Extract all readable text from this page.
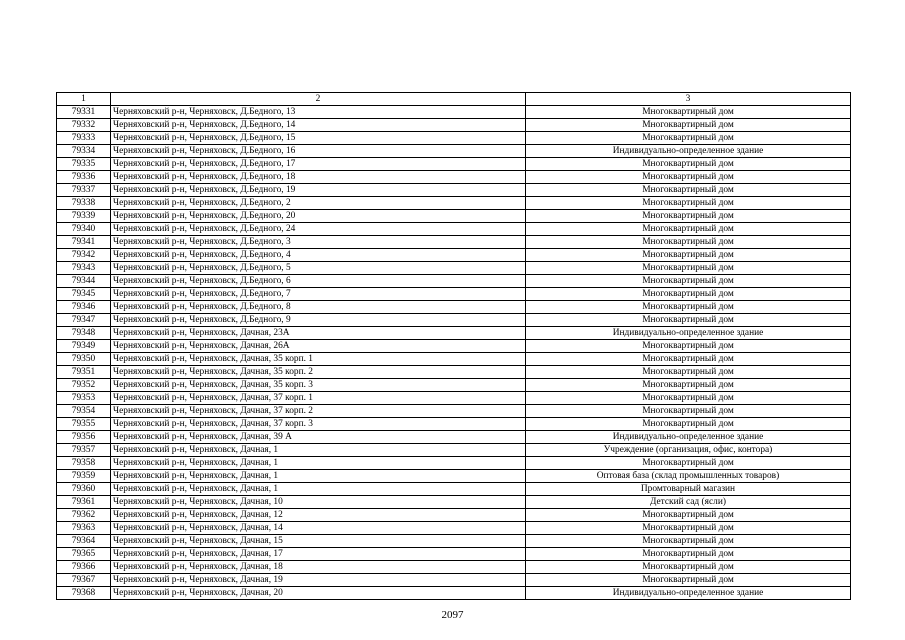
1	2	3
79331	Черняховский р-н, Черняховск, Д.Бедного, 13	Многоквартирный дом
79332	Черняховский р-н, Черняховск, Д.Бедного, 14	Многоквартирный дом
79333	Черняховский р-н, Черняховск, Д.Бедного, 15	Многоквартирный дом
79334	Черняховский р-н, Черняховск, Д.Бедного, 16	Индивидуально-определенное здание
79335	Черняховский р-н, Черняховск, Д.Бедного, 17	Многоквартирный дом
79336	Черняховский р-н, Черняховск, Д.Бедного, 18	Многоквартирный дом
79337	Черняховский р-н, Черняховск, Д.Бедного, 19	Многоквартирный дом
79338	Черняховский р-н, Черняховск, Д.Бедного, 2	Многоквартирный дом
79339	Черняховский р-н, Черняховск, Д.Бедного, 20	Многоквартирный дом
79340	Черняховский р-н, Черняховск, Д.Бедного, 24	Многоквартирный дом
79341	Черняховский р-н, Черняховск, Д.Бедного, 3	Многоквартирный дом
79342	Черняховский р-н, Черняховск, Д.Бедного, 4	Многоквартирный дом
79343	Черняховский р-н, Черняховск, Д.Бедного, 5	Многоквартирный дом
79344	Черняховский р-н, Черняховск, Д.Бедного, 6	Многоквартирный дом
79345	Черняховский р-н, Черняховск, Д.Бедного, 7	Многоквартирный дом
79346	Черняховский р-н, Черняховск, Д.Бедного, 8	Многоквартирный дом
79347	Черняховский р-н, Черняховск, Д.Бедного, 9	Многоквартирный дом
79348	Черняховский р-н, Черняховск, Дачная, 23А	Индивидуально-определенное здание
79349	Черняховский р-н, Черняховск, Дачная, 26А	Многоквартирный дом
79350	Черняховский р-н, Черняховск, Дачная, 35 корп. 1	Многоквартирный дом
79351	Черняховский р-н, Черняховск, Дачная, 35 корп. 2	Многоквартирный дом
79352	Черняховский р-н, Черняховск, Дачная, 35 корп. 3	Многоквартирный дом
79353	Черняховский р-н, Черняховск, Дачная, 37 корп. 1	Многоквартирный дом
79354	Черняховский р-н, Черняховск, Дачная, 37 корп. 2	Многоквартирный дом
79355	Черняховский р-н, Черняховск, Дачная, 37 корп. 3	Многоквартирный дом
79356	Черняховский р-н, Черняховск, Дачная, 39 А	Индивидуально-определенное здание
79357	Черняховский р-н, Черняховск, Дачная, 1	Учреждение (организация, офис, контора)
79358	Черняховский р-н, Черняховск, Дачная, 1	Многоквартирный дом
79359	Черняховский р-н, Черняховск, Дачная, 1	Оптовая база (склад промышленных товаров)
79360	Черняховский р-н, Черняховск, Дачная, 1	Промтоварный магазин
79361	Черняховский р-н, Черняховск, Дачная, 10	Детский сад (ясли)
79362	Черняховский р-н, Черняховск, Дачная, 12	Многоквартирный дом
79363	Черняховский р-н, Черняховск, Дачная, 14	Многоквартирный дом
79364	Черняховский р-н, Черняховск, Дачная, 15	Многоквартирный дом
79365	Черняховский р-н, Черняховск, Дачная, 17	Многоквартирный дом
79366	Черняховский р-н, Черняховск, Дачная, 18	Многоквартирный дом
79367	Черняховский р-н, Черняховск, Дачная, 19	Многоквартирный дом
79368	Черняховский р-н, Черняховск, Дачная, 20	Индивидуально-определенное здание
2097
